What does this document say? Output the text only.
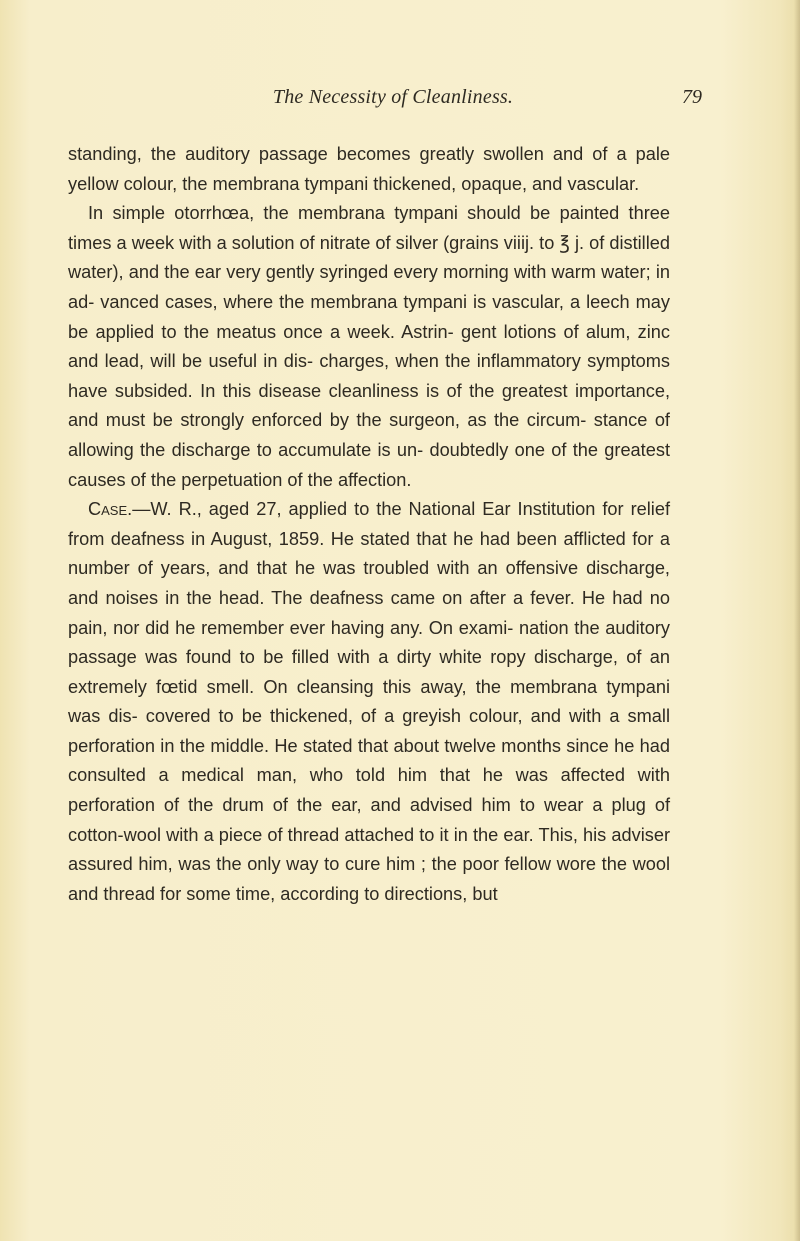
The Necessity of Cleanliness.	79

standing, the auditory passage becomes greatly swollen and of a pale yellow colour, the membrana tympani thickened, opaque, and vascular.

In simple otorrhœa, the membrana tympani should be painted three times a week with a solution of nitrate of silver (grains viiij. to ℥ j. of distilled water), and the ear very gently syringed every morning with warm water; in ad- vanced cases, where the membrana tympani is vascular, a leech may be applied to the meatus once a week. Astrin- gent lotions of alum, zinc and lead, will be useful in dis- charges, when the inflammatory symptoms have subsided. In this disease cleanliness is of the greatest importance, and must be strongly enforced by the surgeon, as the circum- stance of allowing the discharge to accumulate is un- doubtedly one of the greatest causes of the perpetuation of the affection.

Case.—W. R., aged 27, applied to the National Ear Institution for relief from deafness in August, 1859. He stated that he had been afflicted for a number of years, and that he was troubled with an offensive discharge, and noises in the head. The deafness came on after a fever. He had no pain, nor did he remember ever having any. On exami- nation the auditory passage was found to be filled with a dirty white ropy discharge, of an extremely fœtid smell. On cleansing this away, the membrana tympani was dis- covered to be thickened, of a greyish colour, and with a small perforation in the middle. He stated that about twelve months since he had consulted a medical man, who told him that he was affected with perforation of the drum of the ear, and advised him to wear a plug of cotton-wool with a piece of thread attached to it in the ear. This, his adviser assured him, was the only way to cure him ; the poor fellow wore the wool and thread for some time, according to directions, but
